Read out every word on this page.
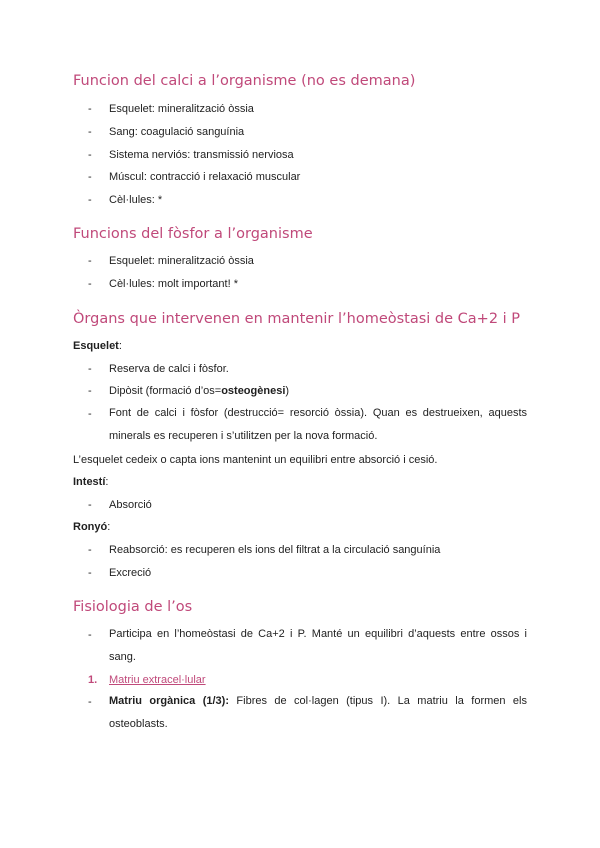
Funcion del calci a l’organisme (no es demana)
-	Esquelet: mineralització òssia
-	Sang: coagulació sanguínia
-	Sistema nerviós: transmissió nerviosa
-	Múscul: contracció i relaxació muscular
-	Cèl·lules: *
Funcions del fòsfor a l’organisme
-	Esquelet: mineralització òssia
-	Cèl·lules: molt important! *
Òrgans que intervenen en mantenir l’homeòstasi de Ca+2 i P
Esquelet:
-	Reserva de calci i fòsfor.
-	Dipòsit (formació d’os=osteogènesi)
-	Font de calci i fòsfor (destrucció= resorció òssia). Quan es destrueixen, aquests minerals es recuperen i s’utilitzen per la nova formació.
L’esquelet cedeix o capta ions mantenint un equilibri entre absorció i cesió.
Intestí:
-	Absorció
Ronyó:
-	Reabsorció: es recuperen els ions del filtrat a la circulació sanguínia
-	Excreció
Fisiologia de l’os
-	Participa en l’homeòstasi de Ca+2 i P. Manté un equilibri d’aquests entre ossos i sang.
1. Matriu extracel·lular
-	Matriu orgànica (1/3): Fibres de col·lagen (tipus I). La matriu la formen els osteoblasts.
